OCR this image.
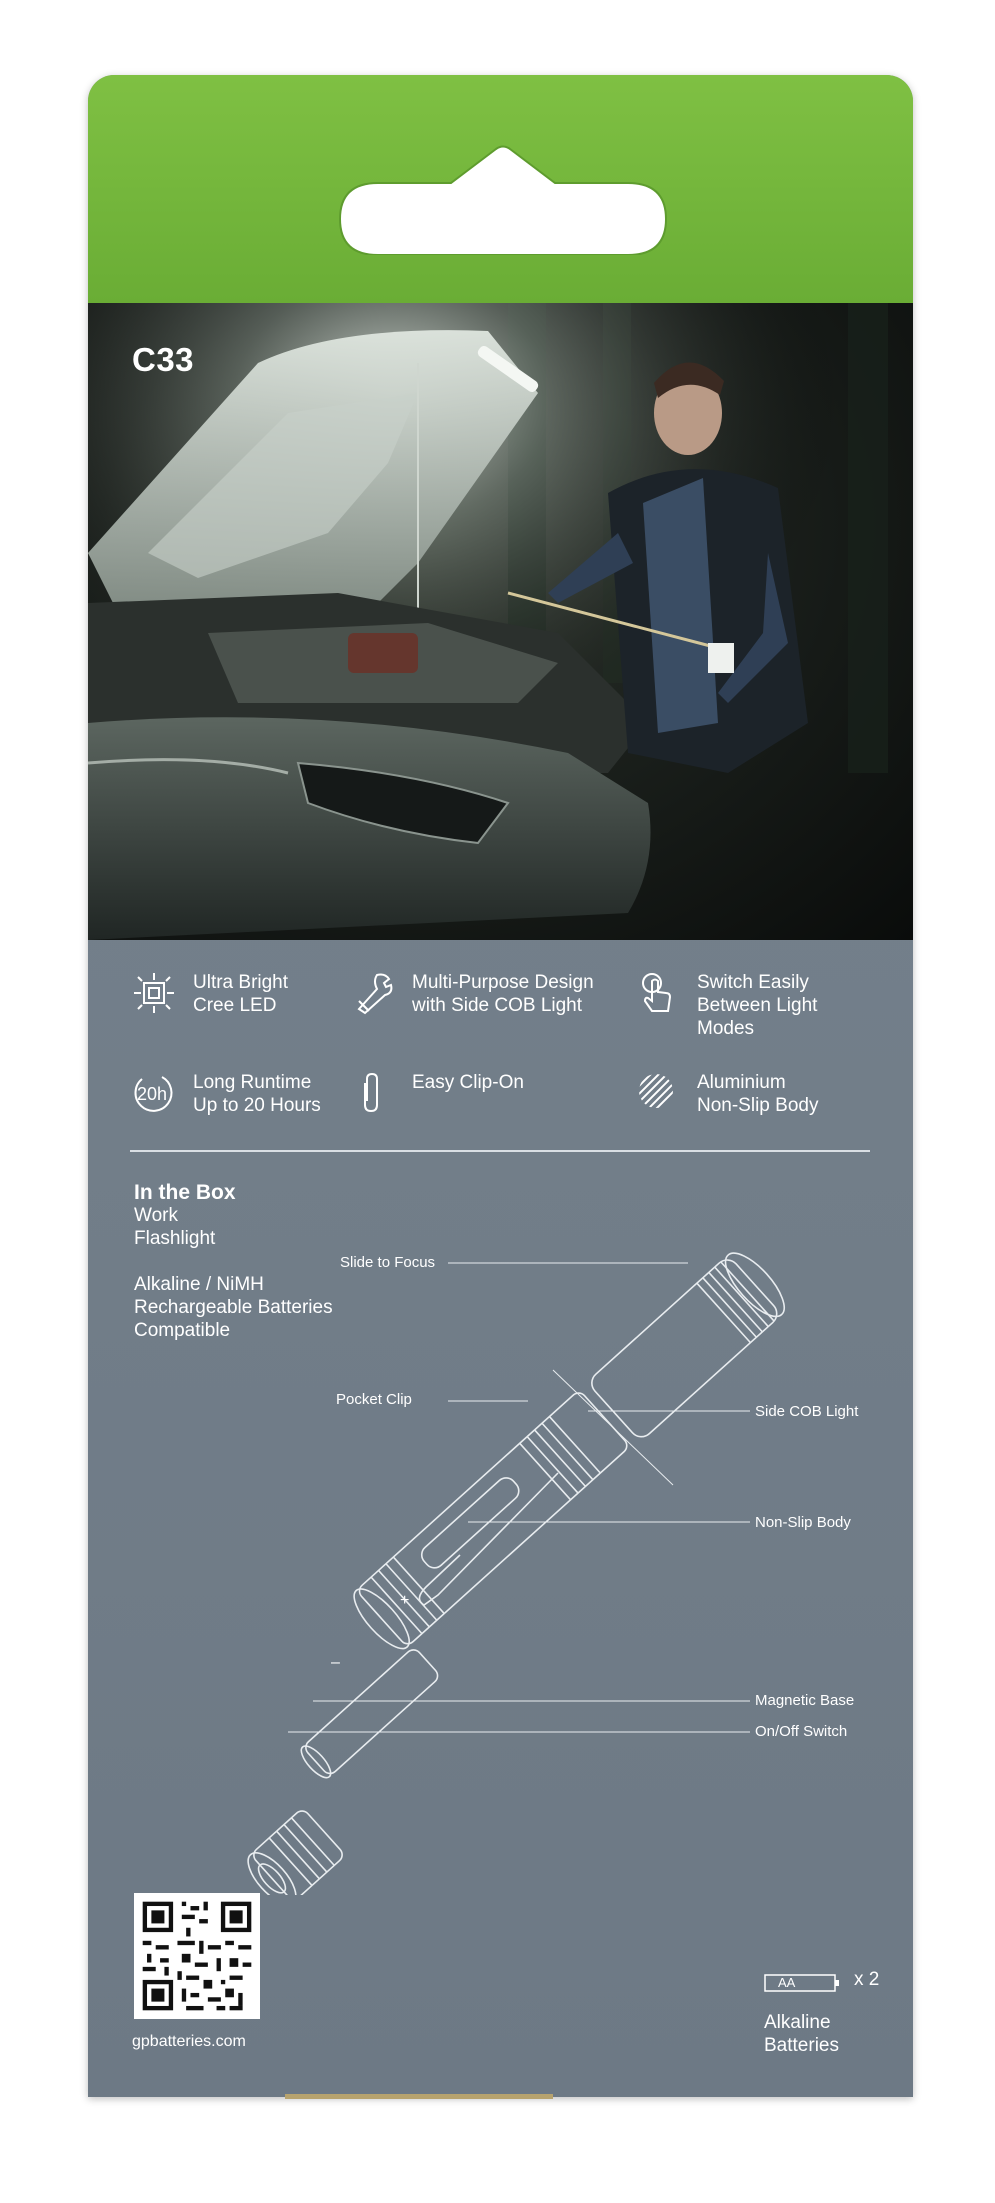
C33
Ultra Bright
Cree LED
Multi-Purpose Design
with Side COB Light
Switch Easily
Between Light
Modes
20h
Long Runtime
Up to 20 Hours
Easy Clip-On	Aluminium
Non-Slip Body
In the Box
Work
Flashlight
Alkaline / NiMH
Rechargeable Batteries
Compatible
+
–
Slide to Focus
Pocket Clip
Side COB Light
Non-Slip Body
Magnetic Base
On/Off Switch
gpbatteries.com
AA	x 2
Alkaline
Batteries
